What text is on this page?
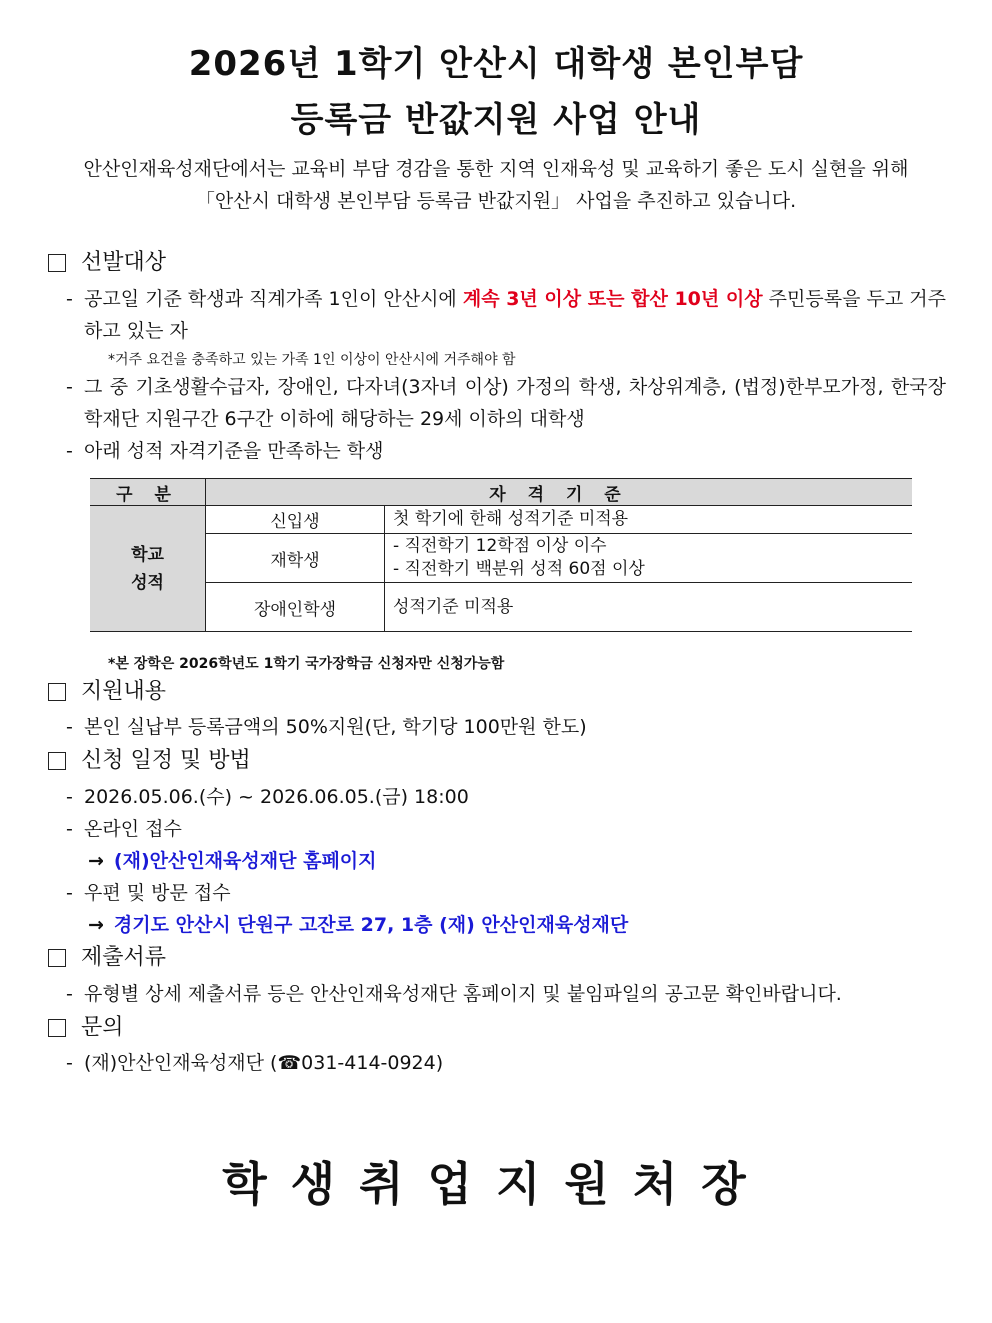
2026년 1학기 안산시 대학생 본인부담
등록금 반값지원 사업 안내
안산인재육성재단에서는 교육비 부담 경감을 통한 지역 인재육성 및 교육하기 좋은 도시 실현을 위해
「안산시 대학생 본인부담 등록금 반값지원」 사업을 추진하고 있습니다.
선발대상
- 공고일 기준 학생과 직계가족 1인이 안산시에 계속 3년 이상 또는 합산 10년 이상 주민등록을 두고 거주하고 있는 자
*거주 요건을 충족하고 있는 가족 1인 이상이 안산시에 거주해야 함
- 그 중 기초생활수급자, 장애인, 다자녀(3자녀 이상) 가정의 학생, 차상위계층, (법정)한부모가정, 한국장학재단 지원구간 6구간 이하에 해당하는 29세 이하의 대학생
- 아래 성적 자격기준을 만족하는 학생
구 분	자 격 기 준	

학교
성적	신입생	첫 학기에 한해 성적기준 미적용

	재학생	- 직전학기 12학점 이상 이수
- 직전학기 백분위 성적 60점 이상

	장애인학생	성적기준 미적용
*본 장학은 2026학년도 1학기 국가장학금 신청자만 신청가능함
지원내용
- 본인 실납부 등록금액의 50%지원(단, 학기당 100만원 한도)
신청 일정 및 방법
- 2026.05.06.(수) ~ 2026.06.05.(금) 18:00
- 온라인 접수
→ (재)안산인재육성재단 홈페이지
- 우편 및 방문 접수
→ 경기도 안산시 단원구 고잔로 27, 1층 (재) 안산인재육성재단
제출서류
- 유형별 상세 제출서류 등은 안산인재육성재단 홈페이지 및 붙임파일의 공고문 확인바랍니다.
문의
- (재)안산인재육성재단 (☎031-414-0924)
학생취업지원처장
